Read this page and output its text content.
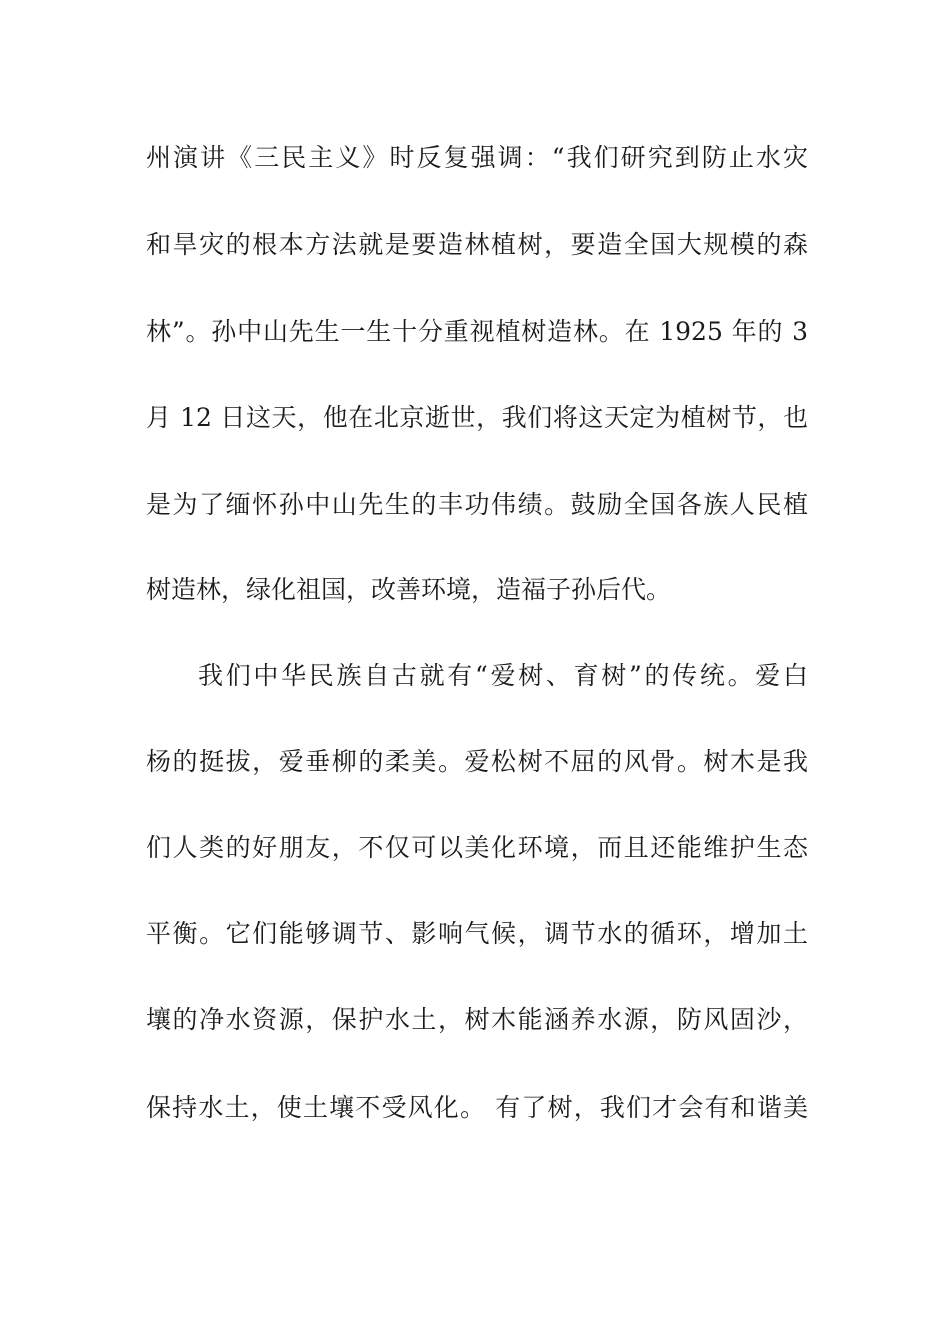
州演讲《三民主义》时反复强调：“我们研究到防止水灾

和旱灾的根本方法就是要造林植树，要造全国大规模的森

林”。孙中山先生一生十分重视植树造林。在 1925 年的 3

月 12 日这天，他在北京逝世，我们将这天定为植树节，也

是为了缅怀孙中山先生的丰功伟绩。鼓励全国各族人民植

树造林，绿化祖国，改善环境，造福子孙后代。

我们中华民族自古就有“爱树、育树”的传统。爱白

杨的挺拔，爱垂柳的柔美。爱松树不屈的风骨。树木是我

们人类的好朋友，不仅可以美化环境，而且还能维护生态

平衡。它们能够调节、影响气候，调节水的循环，增加土

壤的净水资源，保护水土，树木能涵养水源，防风固沙，

保持水土，使土壤不受风化。 有了树，我们才会有和谐美
